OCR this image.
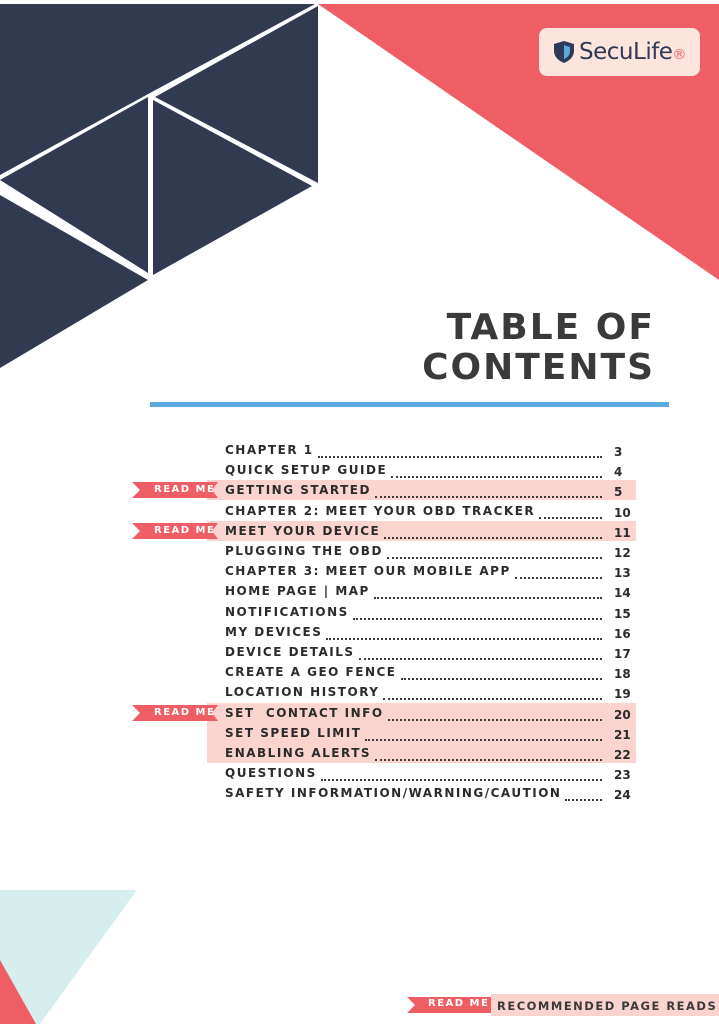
SecuLife®
TABLE OF
CONTENTS
CHAPTER 1	3
QUICK SETUP GUIDE	4
READ ME GETTING STARTED	5
CHAPTER 2: MEET YOUR OBD TRACKER	10
READ ME MEET YOUR DEVICE	11
PLUGGING THE OBD	12
CHAPTER 3: MEET OUR MOBILE APP	13
HOME PAGE | MAP	14
NOTIFICATIONS	15
MY DEVICES	16
DEVICE DETAILS	17
CREATE A GEO FENCE	18
LOCATION HISTORY	19
READ ME SET  CONTACT INFO	20
SET SPEED LIMIT	21
ENABLING ALERTS	22
QUESTIONS	23
SAFETY INFORMATION/WARNING/CAUTION	24
READ ME RECOMMENDED PAGE READS
